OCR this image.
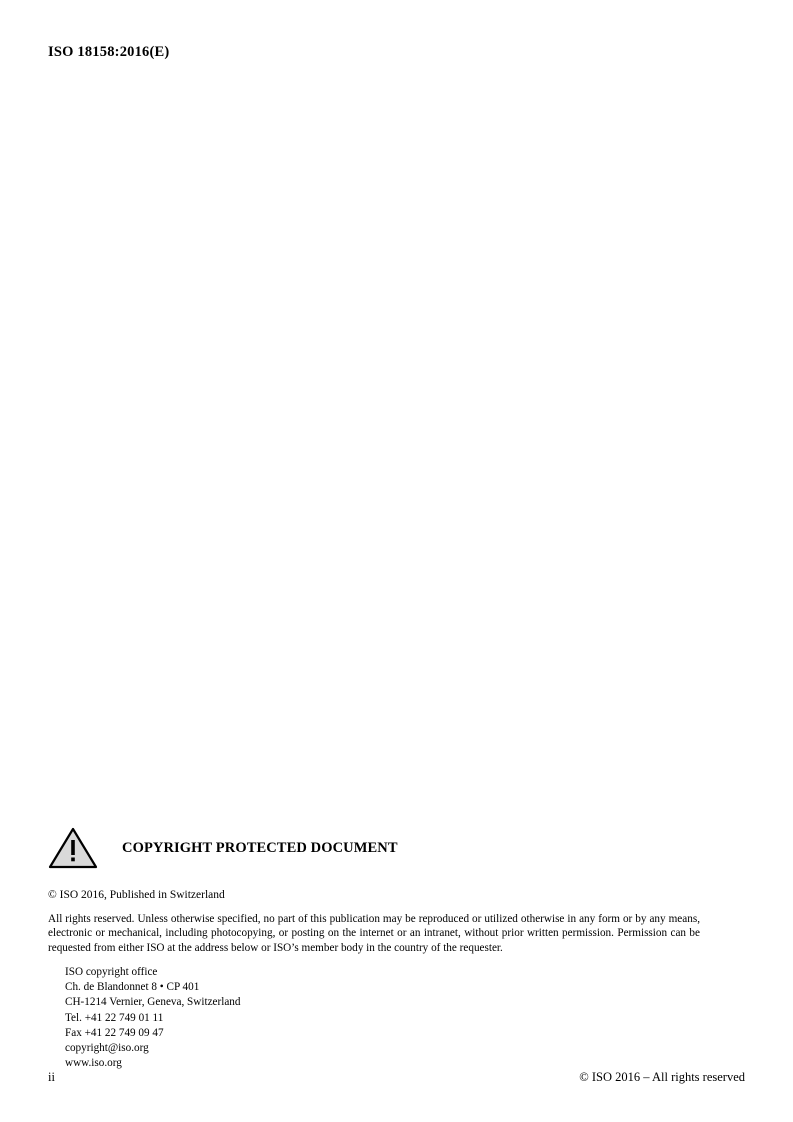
ISO 18158:2016(E)
COPYRIGHT PROTECTED DOCUMENT
© ISO 2016, Published in Switzerland
All rights reserved. Unless otherwise specified, no part of this publication may be reproduced or utilized otherwise in any form or by any means, electronic or mechanical, including photocopying, or posting on the internet or an intranet, without prior written permission. Permission can be requested from either ISO at the address below or ISO’s member body in the country of the requester.
ISO copyright office
Ch. de Blandonnet 8 • CP 401
CH-1214 Vernier, Geneva, Switzerland
Tel. +41 22 749 01 11
Fax +41 22 749 09 47
copyright@iso.org
www.iso.org
ii	© ISO 2016 – All rights reserved
